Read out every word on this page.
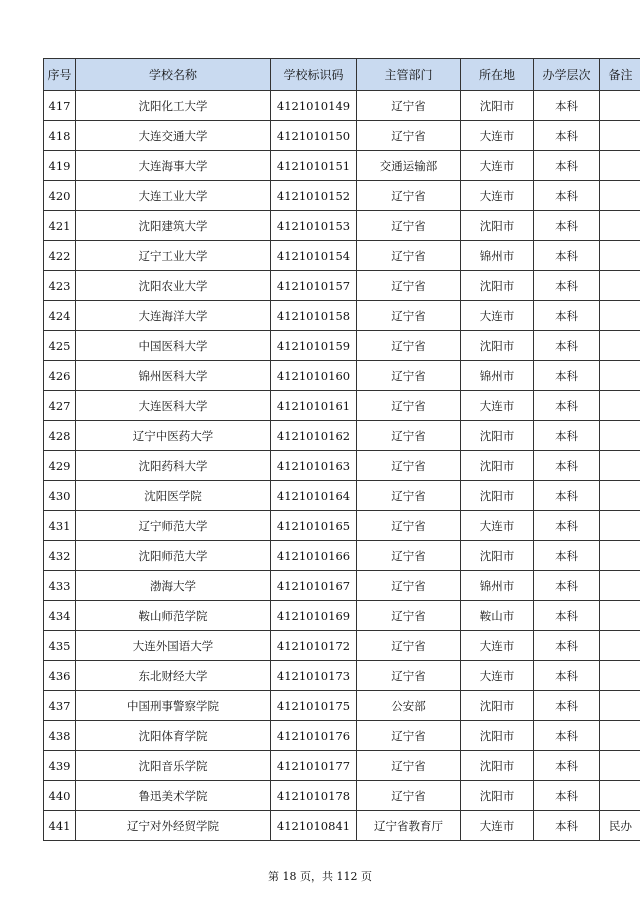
序号	学校名称	学校标识码	主管部门	所在地	办学层次	备注
417	沈阳化工大学	4121010149	辽宁省	沈阳市	本科	
418	大连交通大学	4121010150	辽宁省	大连市	本科	
419	大连海事大学	4121010151	交通运输部	大连市	本科	
420	大连工业大学	4121010152	辽宁省	大连市	本科	
421	沈阳建筑大学	4121010153	辽宁省	沈阳市	本科	
422	辽宁工业大学	4121010154	辽宁省	锦州市	本科	
423	沈阳农业大学	4121010157	辽宁省	沈阳市	本科	
424	大连海洋大学	4121010158	辽宁省	大连市	本科	
425	中国医科大学	4121010159	辽宁省	沈阳市	本科	
426	锦州医科大学	4121010160	辽宁省	锦州市	本科	
427	大连医科大学	4121010161	辽宁省	大连市	本科	
428	辽宁中医药大学	4121010162	辽宁省	沈阳市	本科	
429	沈阳药科大学	4121010163	辽宁省	沈阳市	本科	
430	沈阳医学院	4121010164	辽宁省	沈阳市	本科	
431	辽宁师范大学	4121010165	辽宁省	大连市	本科	
432	沈阳师范大学	4121010166	辽宁省	沈阳市	本科	
433	渤海大学	4121010167	辽宁省	锦州市	本科	
434	鞍山师范学院	4121010169	辽宁省	鞍山市	本科	
435	大连外国语大学	4121010172	辽宁省	大连市	本科	
436	东北财经大学	4121010173	辽宁省	大连市	本科	
437	中国刑事警察学院	4121010175	公安部	沈阳市	本科	
438	沈阳体育学院	4121010176	辽宁省	沈阳市	本科	
439	沈阳音乐学院	4121010177	辽宁省	沈阳市	本科	
440	鲁迅美术学院	4121010178	辽宁省	沈阳市	本科	
441	辽宁对外经贸学院	4121010841	辽宁省教育厅	大连市	本科	民办
第 18 页，共 112 页
